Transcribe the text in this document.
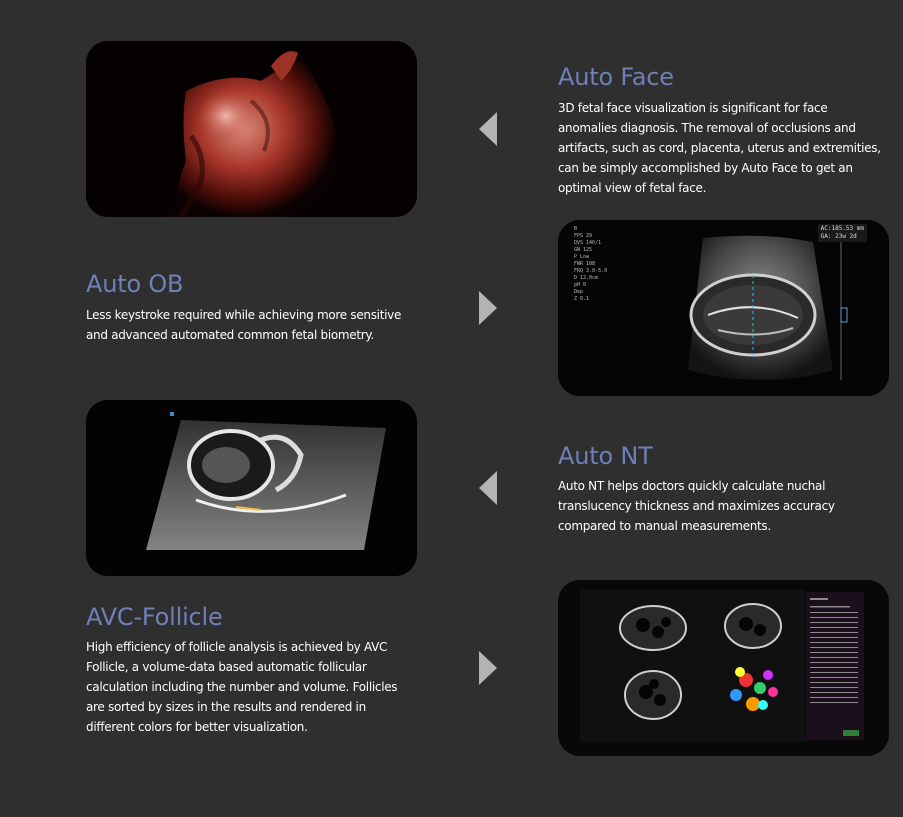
Auto Face

3D fetal face visualization is significant for face anomalies diagnosis. The removal of occlusions and artifacts, such as cord, placenta, uterus and extremities, can be simply accomplished by Auto Face to get an optimal view of fetal face.

Auto OB

Less keystroke required while achieving more sensitive and advanced automated common fetal biometry.

B
FPS 29
DVS 140/1
GN 125
P Low
FWR 108
FRQ 3.0-5.0
D 12.0cm
pH 0
Dep
Z 0.1
AC:185.53 mm
GA: 23w 2d
Auto NT

Auto NT helps doctors quickly calculate nuchal translucency thickness and maximizes accuracy compared to manual measurements.

AVC-Follicle

High efficiency of follicle analysis is achieved by AVC Follicle, a volume-data based automatic follicular calculation including the number and volume. Follicles are sorted by sizes in the results and rendered in different colors for better visualization.
